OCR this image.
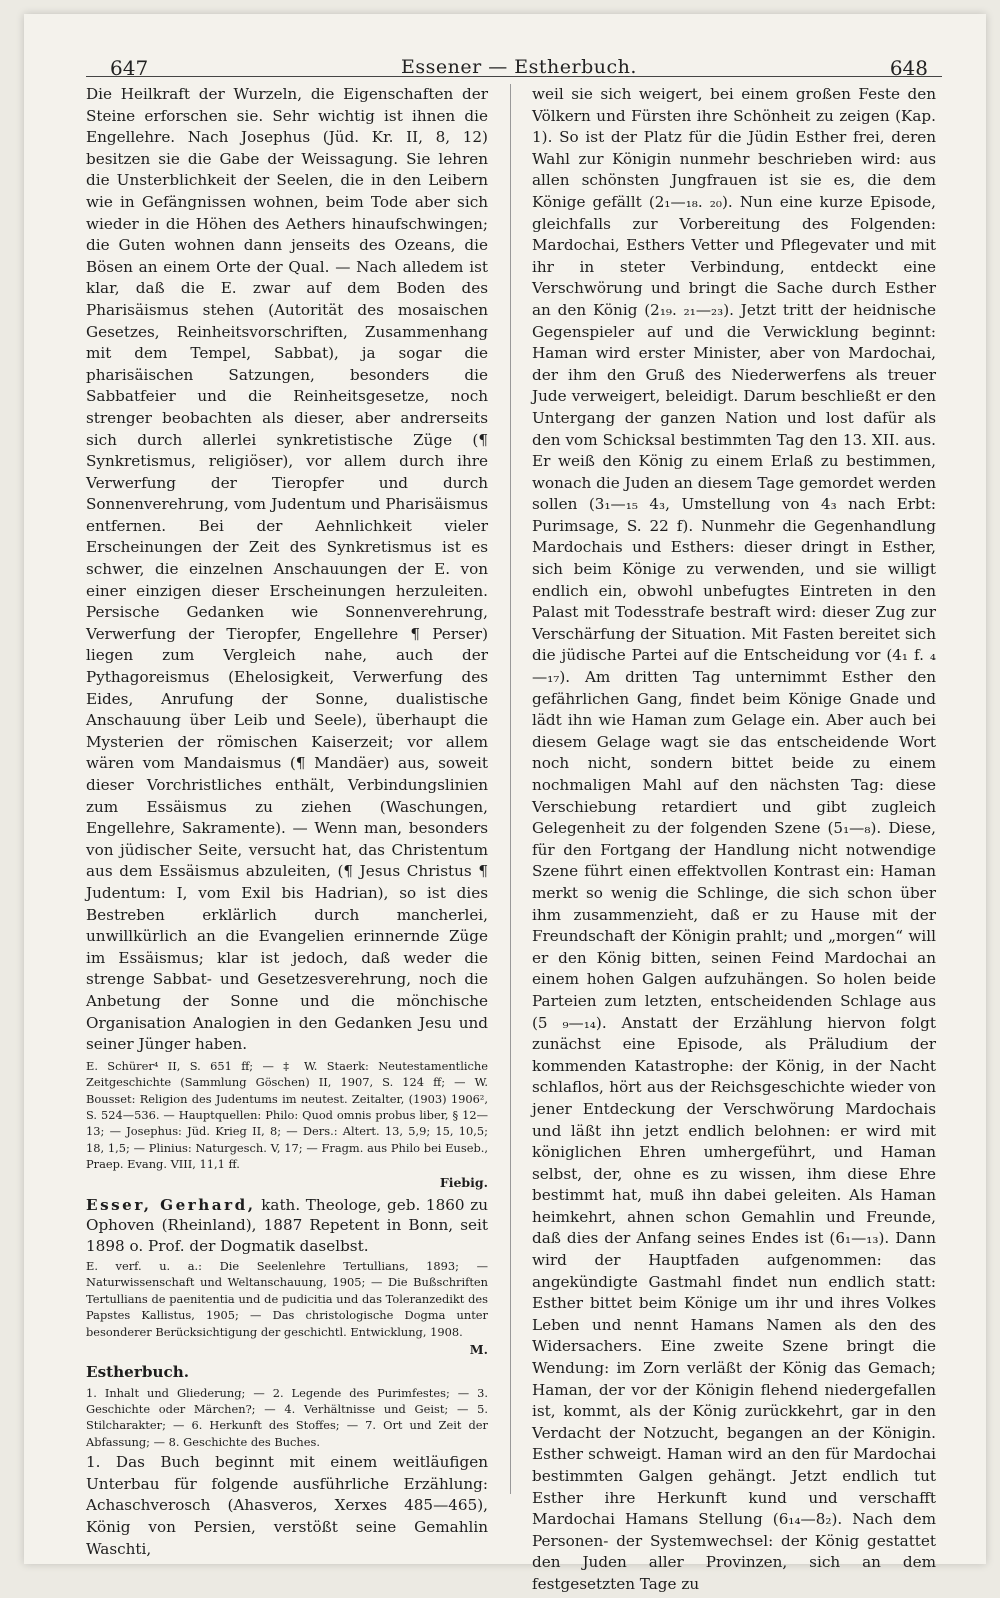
647	Essener — Estherbuch.	648

Die Heilkraft der Wurzeln, die Eigenschaften der Steine erforschen sie. Sehr wichtig ist ihnen die Engellehre. Nach Josephus (Jüd. Kr. II, 8, 12) besitzen sie die Gabe der Weissagung. Sie lehren die Unsterblichkeit der Seelen, die in den Leibern wie in Gefängnissen wohnen, beim Tode aber sich wieder in die Höhen des Aethers hinaufschwingen; die Guten wohnen dann jenseits des Ozeans, die Bösen an einem Orte der Qual. — Nach alledem ist klar, daß die E. zwar auf dem Boden des Pharisäismus stehen (Autorität des mosaischen Gesetzes, Reinheitsvorschriften, Zusammenhang mit dem Tempel, Sabbat), ja sogar die pharisäischen Satzungen, besonders die Sabbatfeier und die Reinheitsgesetze, noch strenger beobachten als dieser, aber andrerseits sich durch allerlei synkretistische Züge (¶ Synkretismus, religiöser), vor allem durch ihre Verwerfung der Tieropfer und durch Sonnenverehrung, vom Judentum und Pharisäismus entfernen. Bei der Aehnlichkeit vieler Erscheinungen der Zeit des Synkretismus ist es schwer, die einzelnen Anschauungen der E. von einer einzigen dieser Erscheinungen herzuleiten. Persische Gedanken wie Sonnenverehrung, Verwerfung der Tieropfer, Engellehre ¶ Perser) liegen zum Vergleich nahe, auch der Pythagoreismus (Ehelosigkeit, Verwerfung des Eides, Anrufung der Sonne, dualistische Anschauung über Leib und Seele), überhaupt die Mysterien der römischen Kaiserzeit; vor allem wären vom Mandaismus (¶ Mandäer) aus, soweit dieser Vorchristliches enthält, Verbindungslinien zum Essäismus zu ziehen (Waschungen, Engellehre, Sakramente). — Wenn man, besonders von jüdischer Seite, versucht hat, das Christentum aus dem Essäismus abzuleiten, (¶ Jesus Christus ¶ Judentum: I, vom Exil bis Hadrian), so ist dies Bestreben erklärlich durch mancherlei, unwillkürlich an die Evangelien erinnernde Züge im Essäismus; klar ist jedoch, daß weder die strenge Sabbat- und Gesetzesverehrung, noch die Anbetung der Sonne und die mönchische Organisation Analogien in den Gedanken Jesu und seiner Jünger haben.

E. Schürer⁴ II, S. 651 ff; — ‡ W. Staerk: Neutestamentliche Zeitgeschichte (Sammlung Göschen) II, 1907, S. 124 ff; — W. Bousset: Religion des Judentums im neutest. Zeitalter, (1903) 1906², S. 524—536. — Hauptquellen: Philo: Quod omnis probus liber, § 12—13; — Josephus: Jüd. Krieg II, 8; — Ders.: Altert. 13, 5,9; 15, 10,5; 18, 1,5; — Plinius: Naturgesch. V, 17; — Fragm. aus Philo bei Euseb., Praep. Evang. VIII, 11,1 ff.

Fiebig.

Esser, Gerhard, kath. Theologe, geb. 1860 zu Ophoven (Rheinland), 1887 Repetent in Bonn, seit 1898 o. Prof. der Dogmatik daselbst.

E. verf. u. a.: Die Seelenlehre Tertullians, 1893; — Naturwissenschaft und Weltanschauung, 1905; — Die Bußschriften Tertullians de paenitentia und de pudicitia und das Toleranzedikt des Papstes Kallistus, 1905; — Das christologische Dogma unter besonderer Berücksichtigung der geschichtl. Entwicklung, 1908.

M.

Estherbuch.

1. Inhalt und Gliederung; — 2. Legende des Purimfestes; — 3. Geschichte oder Märchen?; — 4. Verhältnisse und Geist; — 5. Stilcharakter; — 6. Herkunft des Stoffes; — 7. Ort und Zeit der Abfassung; — 8. Geschichte des Buches.

1. Das Buch beginnt mit einem weitläufigen Unterbau für folgende ausführliche Erzählung: Achaschverosch (Ahasveros, Xerxes 485—465), König von Persien, verstößt seine Gemahlin Waschti,

weil sie sich weigert, bei einem großen Feste den Völkern und Fürsten ihre Schönheit zu zeigen (Kap. 1). So ist der Platz für die Jüdin Esther frei, deren Wahl zur Königin nunmehr beschrieben wird: aus allen schönsten Jungfrauen ist sie es, die dem Könige gefällt (2₁—₁₈. ₂₀). Nun eine kurze Episode, gleichfalls zur Vorbereitung des Folgenden: Mardochai, Esthers Vetter und Pflegevater und mit ihr in steter Verbindung, entdeckt eine Verschwörung und bringt die Sache durch Esther an den König (2₁₉. ₂₁—₂₃). Jetzt tritt der heidnische Gegenspieler auf und die Verwicklung beginnt: Haman wird erster Minister, aber von Mardochai, der ihm den Gruß des Niederwerfens als treuer Jude verweigert, beleidigt. Darum beschließt er den Untergang der ganzen Nation und lost dafür als den vom Schicksal bestimmten Tag den 13. XII. aus. Er weiß den König zu einem Erlaß zu bestimmen, wonach die Juden an diesem Tage gemordet werden sollen (3₁—₁₅ 4₃, Umstellung von 4₃ nach Erbt: Purimsage, S. 22 f). Nunmehr die Gegenhandlung Mardochais und Esthers: dieser dringt in Esther, sich beim Könige zu verwenden, und sie willigt endlich ein, obwohl unbefugtes Eintreten in den Palast mit Todesstrafe bestraft wird: dieser Zug zur Verschärfung der Situation. Mit Fasten bereitet sich die jüdische Partei auf die Entscheidung vor (4₁ f. ₄—₁₇). Am dritten Tag unternimmt Esther den gefährlichen Gang, findet beim Könige Gnade und lädt ihn wie Haman zum Gelage ein. Aber auch bei diesem Gelage wagt sie das entscheidende Wort noch nicht, sondern bittet beide zu einem nochmaligen Mahl auf den nächsten Tag: diese Verschiebung retardiert und gibt zugleich Gelegenheit zu der folgenden Szene (5₁—₈). Diese, für den Fortgang der Handlung nicht notwendige Szene führt einen effektvollen Kontrast ein: Haman merkt so wenig die Schlinge, die sich schon über ihm zusammenzieht, daß er zu Hause mit der Freundschaft der Königin prahlt; und „morgen“ will er den König bitten, seinen Feind Mardochai an einem hohen Galgen aufzuhängen. So holen beide Parteien zum letzten, entscheidenden Schlage aus (5 ₉—₁₄). Anstatt der Erzählung hiervon folgt zunächst eine Episode, als Präludium der kommenden Katastrophe: der König, in der Nacht schlaflos, hört aus der Reichsgeschichte wieder von jener Entdeckung der Verschwörung Mardochais und läßt ihn jetzt endlich belohnen: er wird mit königlichen Ehren umhergeführt, und Haman selbst, der, ohne es zu wissen, ihm diese Ehre bestimmt hat, muß ihn dabei geleiten. Als Haman heimkehrt, ahnen schon Gemahlin und Freunde, daß dies der Anfang seines Endes ist (6₁—₁₃). Dann wird der Hauptfaden aufgenommen: das angekündigte Gastmahl findet nun endlich statt: Esther bittet beim Könige um ihr und ihres Volkes Leben und nennt Hamans Namen als den des Widersachers. Eine zweite Szene bringt die Wendung: im Zorn verläßt der König das Gemach; Haman, der vor der Königin flehend niedergefallen ist, kommt, als der König zurückkehrt, gar in den Verdacht der Notzucht, begangen an der Königin. Esther schweigt. Haman wird an den für Mardochai bestimmten Galgen gehängt. Jetzt endlich tut Esther ihre Herkunft kund und verschafft Mardochai Hamans Stellung (6₁₄—8₂). Nach dem Personen- der Systemwechsel: der König gestattet den Juden aller Provinzen, sich an dem festgesetzten Tage zu
